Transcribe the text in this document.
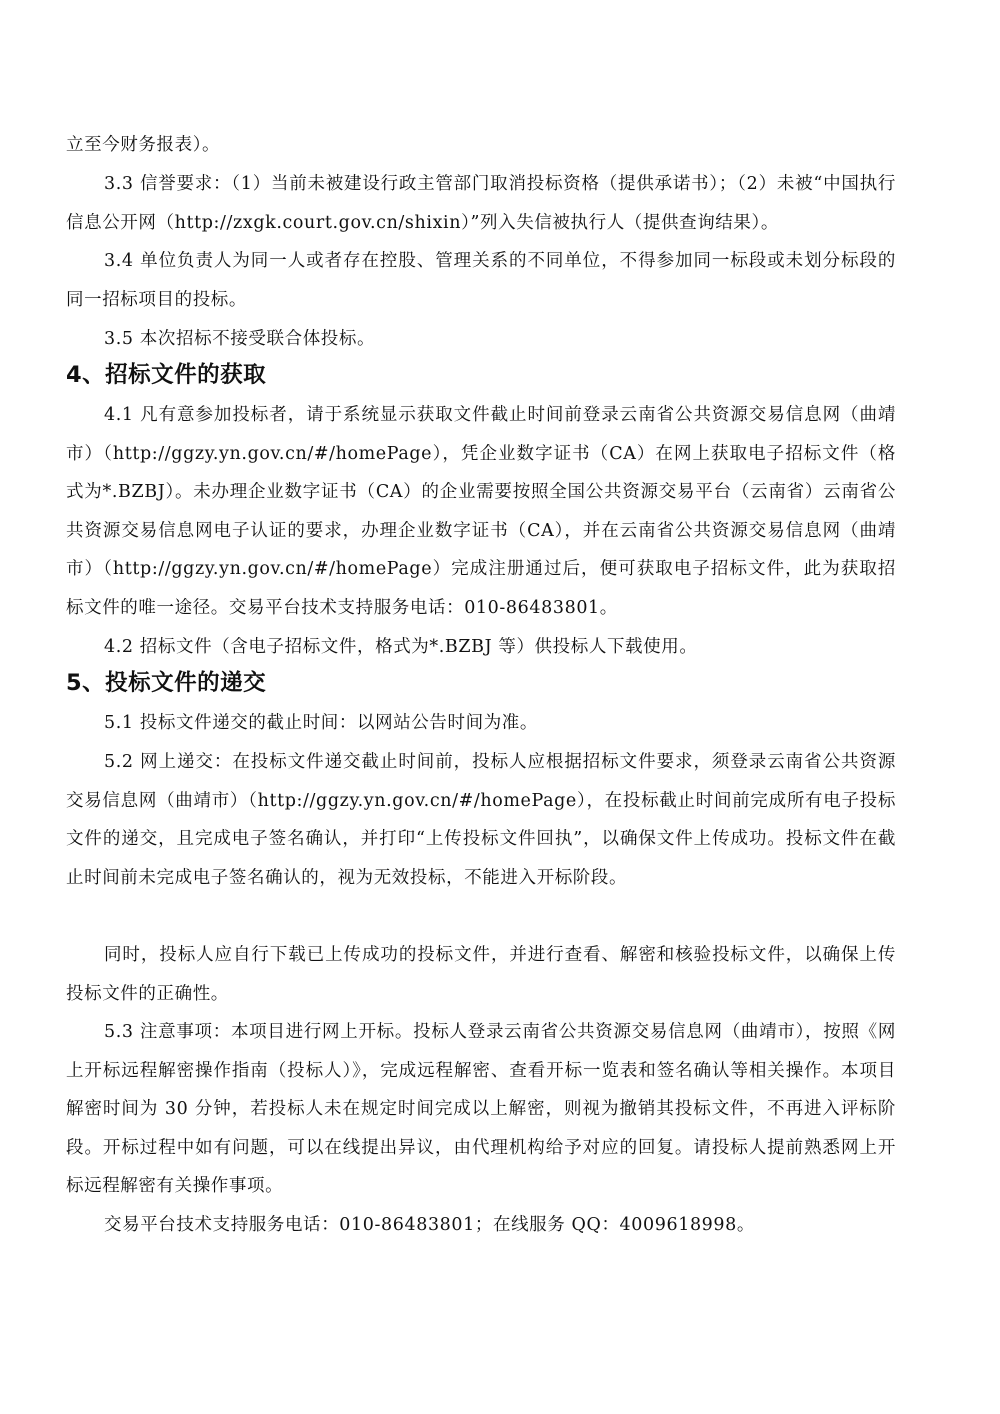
立至今财务报表）。

3.3 信誉要求：（1）当前未被建设行政主管部门取消投标资格（提供承诺书）；（2）未被“中国执行信息公开网（http://zxgk.court.gov.cn/shixin）”列入失信被执行人（提供查询结果）。

3.4 单位负责人为同一人或者存在控股、管理关系的不同单位，不得参加同一标段或未划分标段的同一招标项目的投标。

3.5 本次招标不接受联合体投标。

4、招标文件的获取

4.1 凡有意参加投标者，请于系统显示获取文件截止时间前登录云南省公共资源交易信息网（曲靖市）（http://ggzy.yn.gov.cn/#/homePage），凭企业数字证书（CA）在网上获取电子招标文件（格式为*.BZBJ）。未办理企业数字证书（CA）的企业需要按照全国公共资源交易平台（云南省）云南省公共资源交易信息网电子认证的要求，办理企业数字证书（CA），并在云南省公共资源交易信息网（曲靖市）（http://ggzy.yn.gov.cn/#/homePage）完成注册通过后，便可获取电子招标文件，此为获取招标文件的唯一途径。交易平台技术支持服务电话：010-86483801。

4.2 招标文件（含电子招标文件，格式为*.BZBJ 等）供投标人下载使用。

5、投标文件的递交

5.1 投标文件递交的截止时间：以网站公告时间为准。

5.2 网上递交：在投标文件递交截止时间前，投标人应根据招标文件要求，须登录云南省公共资源交易信息网（曲靖市）（http://ggzy.yn.gov.cn/#/homePage），在投标截止时间前完成所有电子投标文件的递交，且完成电子签名确认，并打印“上传投标文件回执”，以确保文件上传成功。投标文件在截止时间前未完成电子签名确认的，视为无效投标，不能进入开标阶段。

同时，投标人应自行下载已上传成功的投标文件，并进行查看、解密和核验投标文件，以确保上传投标文件的正确性。

5.3 注意事项：本项目进行网上开标。投标人登录云南省公共资源交易信息网（曲靖市），按照《网上开标远程解密操作指南（投标人）》，完成远程解密、查看开标一览表和签名确认等相关操作。本项目解密时间为 30 分钟，若投标人未在规定时间完成以上解密，则视为撤销其投标文件，不再进入评标阶段。开标过程中如有问题，可以在线提出异议，由代理机构给予对应的回复。请投标人提前熟悉网上开标远程解密有关操作事项。

交易平台技术支持服务电话：010-86483801；在线服务 QQ：4009618998。
